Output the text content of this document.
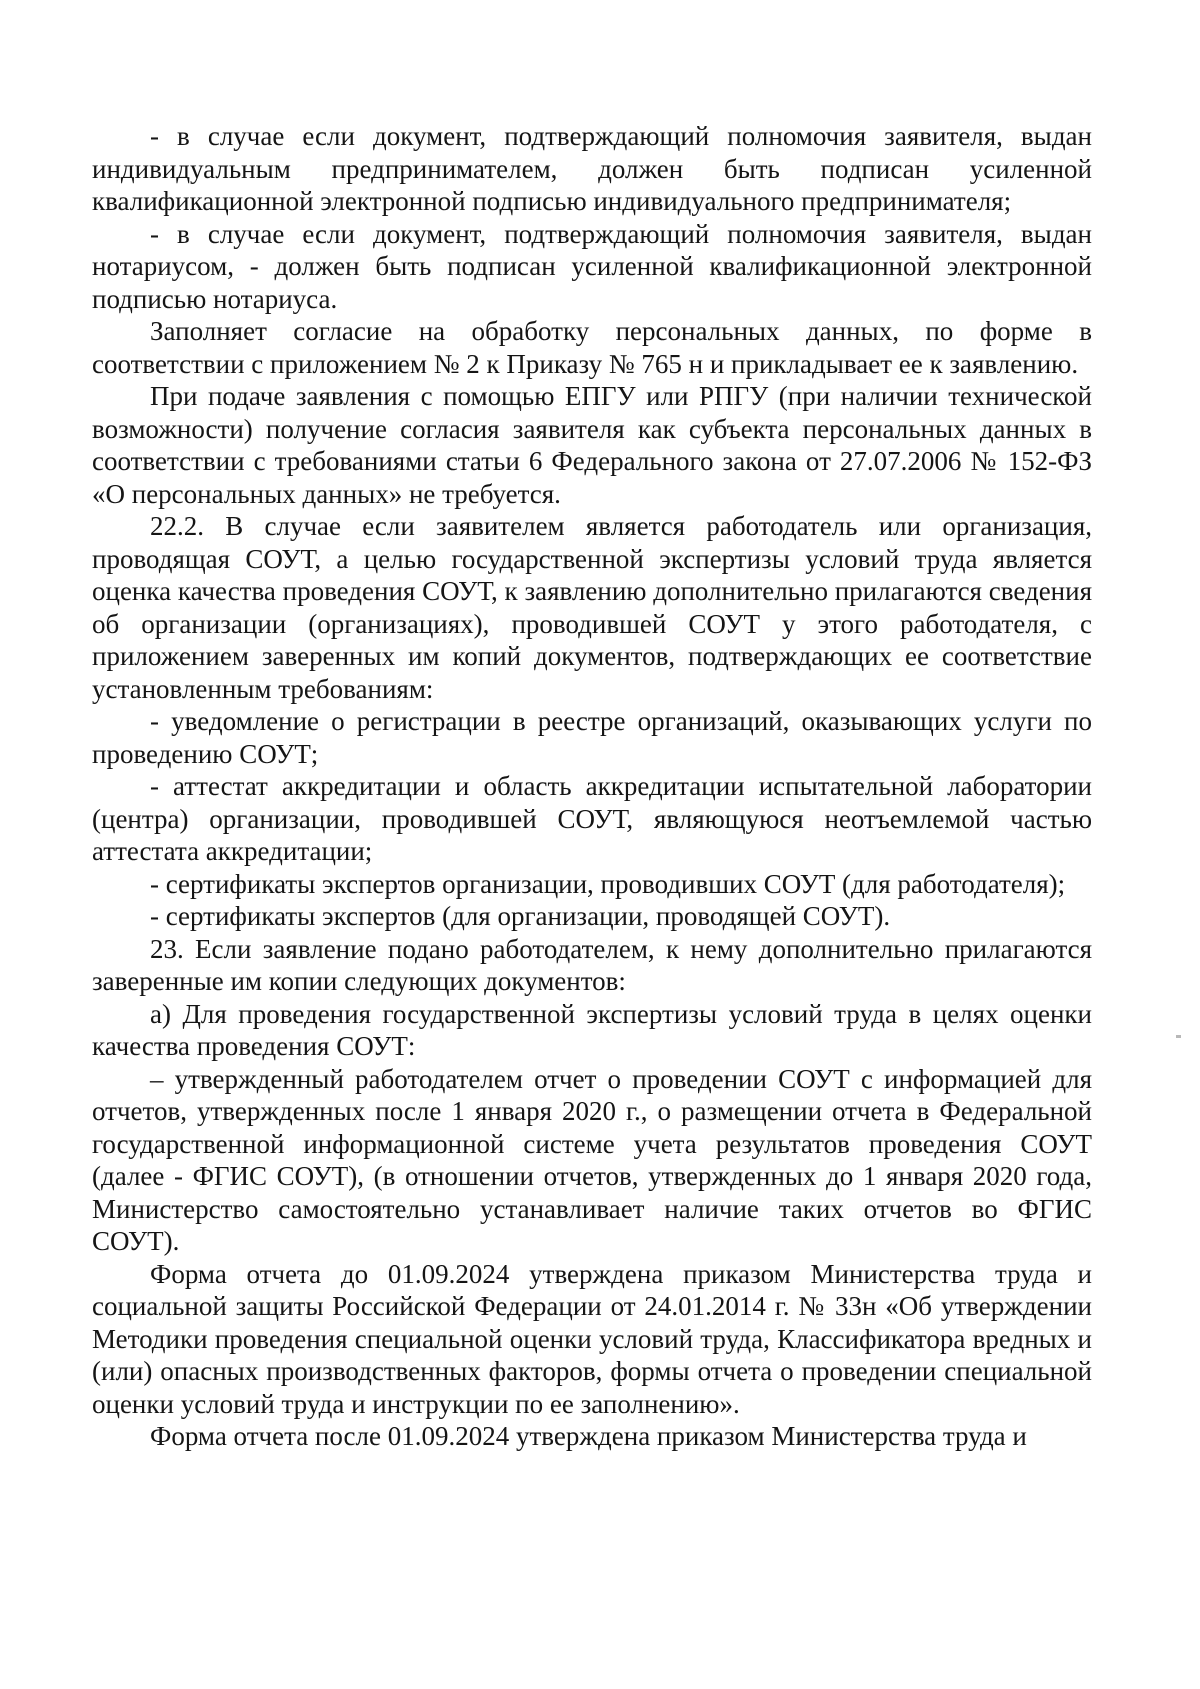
- в случае если документ, подтверждающий полномочия заявителя, выдан индивидуальным предпринимателем, должен быть подписан усиленной квалификационной электронной подписью индивидуального предпринимателя;

- в случае если документ, подтверждающий полномочия заявителя, выдан нотариусом, - должен быть подписан усиленной квалификационной электронной подписью нотариуса.

Заполняет согласие на обработку персональных данных, по форме в соответствии с приложением № 2 к Приказу № 765 н и прикладывает ее к заявлению.

При подаче заявления с помощью ЕПГУ или РПГУ (при наличии технической возможности) получение согласия заявителя как субъекта персональных данных в соответствии с требованиями статьи 6 Федерального закона от 27.07.2006 № 152-ФЗ «О персональных данных» не требуется.

22.2. В случае если заявителем является работодатель или организация, проводящая СОУТ, а целью государственной экспертизы условий труда является оценка качества проведения СОУТ, к заявлению дополнительно прилагаются сведения об организации (организациях), проводившей СОУТ у этого работодателя, с приложением заверенных им копий документов, подтверждающих ее соответствие установленным требованиям:

- уведомление о регистрации в реестре организаций, оказывающих услуги по проведению СОУТ;

- аттестат аккредитации и область аккредитации испытательной лаборатории (центра) организации, проводившей СОУТ, являющуюся неотъемлемой частью аттестата аккредитации;

- сертификаты экспертов организации, проводивших СОУТ (для работодателя);

- сертификаты экспертов (для организации, проводящей СОУТ).

23. Если заявление подано работодателем, к нему дополнительно прилагаются заверенные им копии следующих документов:

а) Для проведения государственной экспертизы условий труда в целях оценки качества проведения СОУТ:

– утвержденный работодателем отчет о проведении СОУТ с информацией для отчетов, утвержденных после 1 января 2020 г., о размещении отчета в Федеральной государственной информационной системе учета результатов проведения СОУТ (далее - ФГИС СОУТ), (в отношении отчетов, утвержденных до 1 января 2020 года, Министерство самостоятельно устанавливает наличие таких отчетов во ФГИС СОУТ).

Форма отчета до 01.09.2024 утверждена приказом Министерства труда и социальной защиты Российской Федерации от 24.01.2014 г. № 33н «Об утверждении Методики проведения специальной оценки условий труда, Классификатора вредных и (или) опасных производственных факторов, формы отчета о проведении специальной оценки условий труда и инструкции по ее заполнению».

Форма отчета после 01.09.2024 утверждена приказом Министерства труда и
